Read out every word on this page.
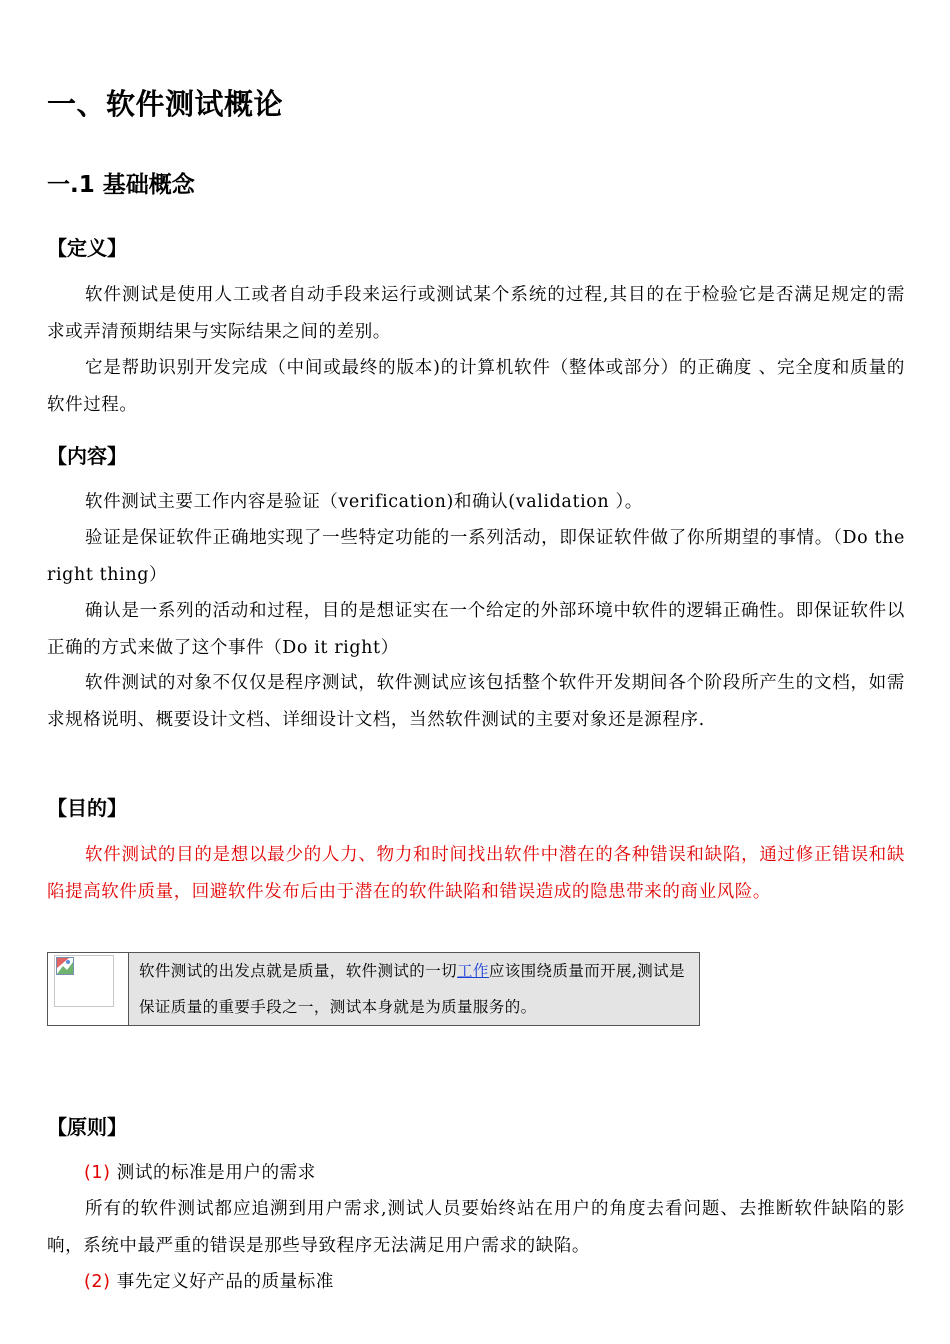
一、软件测试概论
一.1 基础概念

【定义】

软件测试是使用人工或者自动手段来运行或测试某个系统的过程,其目的在于检验它是否满足规定的需求或弄清预期结果与实际结果之间的差别。

它是帮助识别开发完成（中间或最终的版本)的计算机软件（整体或部分）的正确度 、完全度和质量的软件过程。

【内容】

软件测试主要工作内容是验证（verification)和确认(validation ）。

验证是保证软件正确地实现了一些特定功能的一系列活动，即保证软件做了你所期望的事情。（Do the right thing）

确认是一系列的活动和过程，目的是想证实在一个给定的外部环境中软件的逻辑正确性。即保证软件以正确的方式来做了这个事件（Do it right）

软件测试的对象不仅仅是程序测试，软件测试应该包括整个软件开发期间各个阶段所产生的文档，如需求规格说明、概要设计文档、详细设计文档，当然软件测试的主要对象还是源程序.

【目的】

软件测试的目的是想以最少的人力、物力和时间找出软件中潜在的各种错误和缺陷，通过修正错误和缺陷提高软件质量，回避软件发布后由于潜在的软件缺陷和错误造成的隐患带来的商业风险。

软件测试的出发点就是质量，软件测试的一切工作应该围绕质量而开展,测试是保证质量的重要手段之一，测试本身就是为质量服务的。

【原则】

(1) 测试的标准是用户的需求

所有的软件测试都应追溯到用户需求,测试人员要始终站在用户的角度去看问题、去推断软件缺陷的影响，系统中最严重的错误是那些导致程序无法满足用户需求的缺陷。

(2) 事先定义好产品的质量标准
